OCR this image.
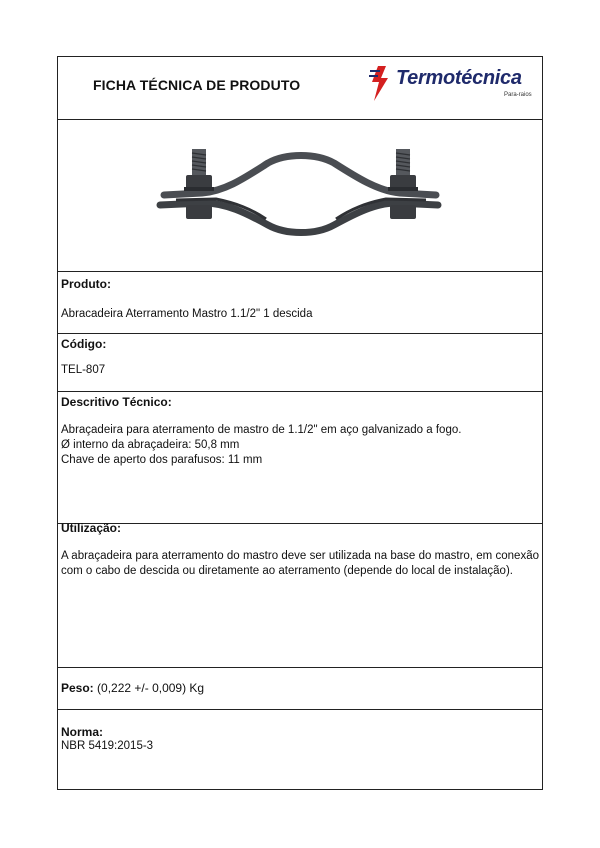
FICHA TÉCNICA DE PRODUTO	Termotécnica
Para-raios
Produto:
Abracadeira Aterramento Mastro 1.1/2" 1 descida
Código:
TEL-807
Descritivo Técnico:
Abraçadeira para aterramento de mastro de 1.1/2" em aço galvanizado a fogo.
Ø interno da abraçadeira: 50,8 mm
Chave de aperto dos parafusos: 11 mm
Utilização:
A abraçadeira para aterramento do mastro deve ser utilizada na base do mastro, em conexão com o cabo de descida ou diretamente ao aterramento (depende do local de instalação).
Peso: (0,222 +/- 0,009) Kg
Norma:
NBR 5419:2015-3
